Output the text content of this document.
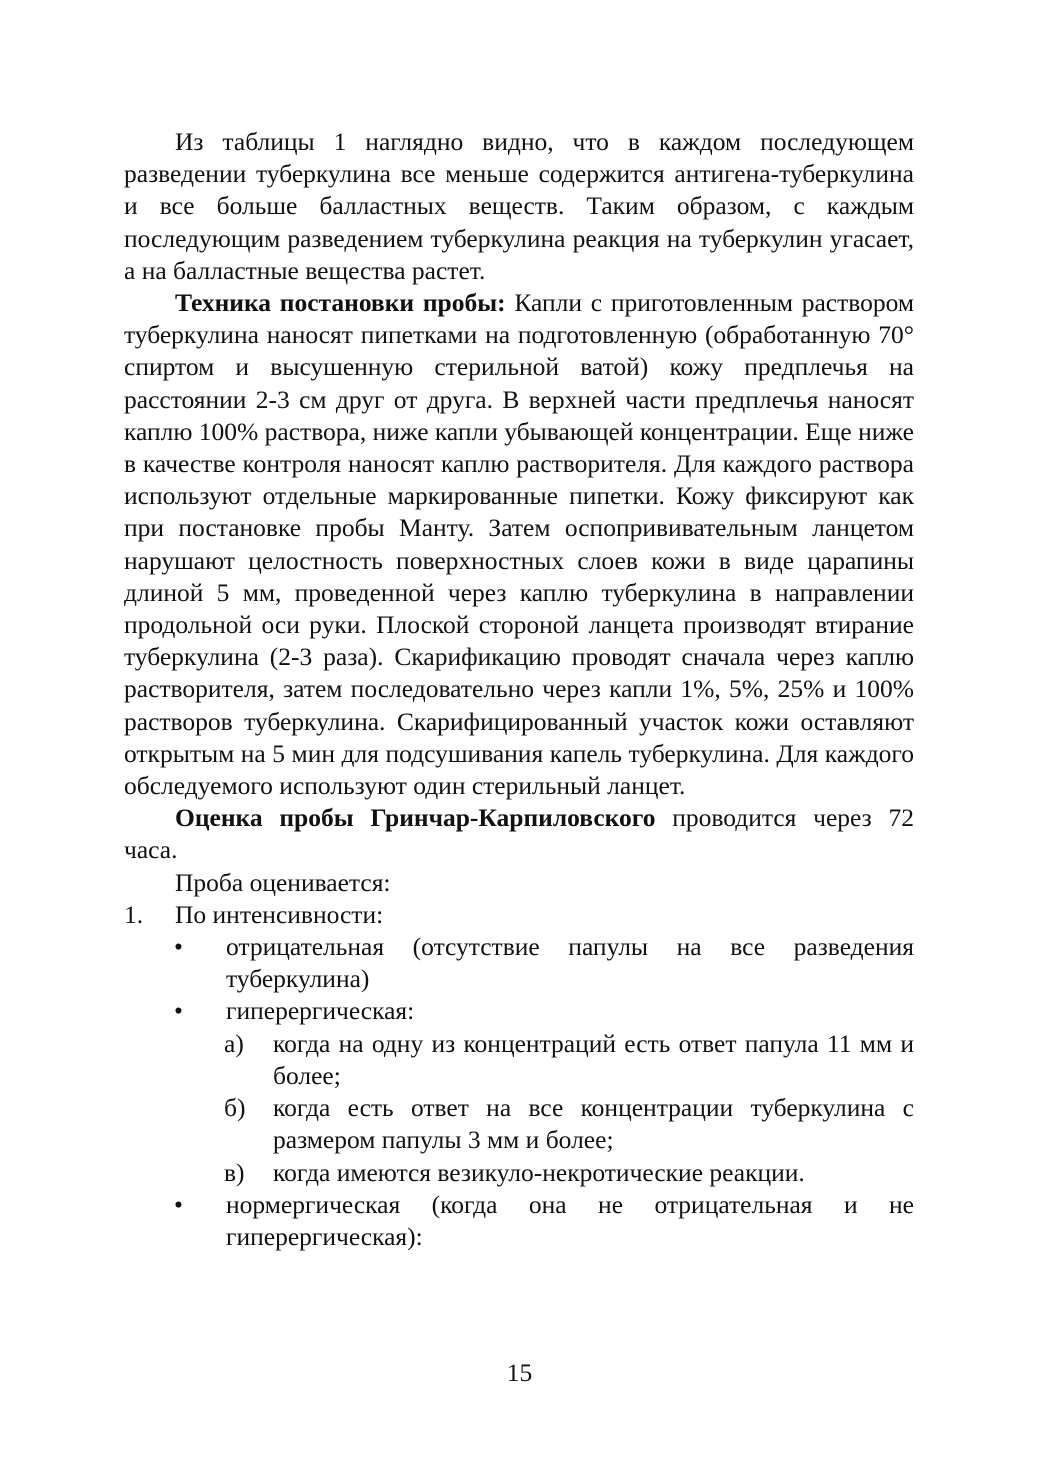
Из таблицы 1 наглядно видно, что в каждом последующем разведении туберкулина все меньше содержится антигена-туберкулина и все больше балластных веществ. Таким образом, с каждым последующим разведением туберкулина реакция на туберкулин угасает, а на балластные вещества растет.

Техника постановки пробы: Капли с приготовленным раствором туберкулина наносят пипетками на подготовленную (обработанную 70° спиртом и высушенную стерильной ватой) кожу предплечья на расстоянии 2-3 см друг от друга. В верхней части предплечья наносят каплю 100% раствора, ниже капли убывающей концентрации. Еще ниже в качестве контроля наносят каплю растворителя. Для каждого раствора используют отдельные маркированные пипетки. Кожу фиксируют как при постановке пробы Манту. Затем оспопрививательным ланцетом нарушают целостность поверхностных слоев кожи в виде царапины длиной 5 мм, проведенной через каплю туберкулина в направлении продольной оси руки. Плоской стороной ланцета производят втирание туберкулина (2-3 раза). Скарификацию проводят сначала через каплю растворителя, затем последовательно через капли 1%, 5%, 25% и 100% растворов туберкулина. Скарифицированный участок кожи оставляют открытым на 5 мин для подсушивания капель туберкулина. Для каждого обследуемого используют один стерильный ланцет.

Оценка пробы Гринчар-Карпиловского проводится через 72 часа.

Проба оценивается:

1. По интенсивности:
• отрицательная (отсутствие папулы на все разведения туберкулина)
• гиперергическая:
а) когда на одну из концентраций есть ответ папула 11 мм и более;
б) когда есть ответ на все концентрации туберкулина с размером папулы 3 мм и более;
в) когда имеются везикуло-некротические реакции.
• нормергическая (когда она не отрицательная и не гиперергическая):
15
